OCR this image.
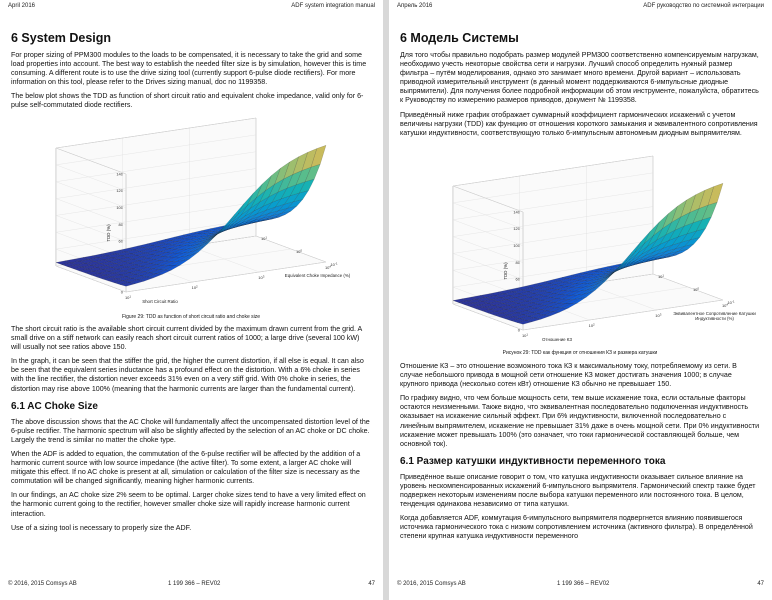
April 2016	ADF system integration manual
6 System Design

For proper sizing of PPM300 modules to the loads to be compensated, it is necessary to take the grid and some load properties into account. The best way to establish the needed filter size is by simulation, however this is time consuming. A different route is to use the drive sizing tool (currently support 6-pulse diode rectifiers). For more information on this tool, please refer to the Drives sizing manual, doc no 1199358.

The below plot shows the TDD as function of short circuit ratio and equivalent choke impedance, valid only for 6-pulse self-commutated diode rectifiers.

0
60
80
100
120
140
$10^1$
$10^2$
$10^3$
$10^4$ $10^{-1}$
$10^0$
$10^1$
TDD (%)
Short Circuit Ratio
Equivalent Choke Impedance (%)
Figure 29: TDD as function of short circuit ratio and choke size

The short circuit ratio is the available short circuit current divided by the maximum drawn current from the grid. A small drive on a stiff network can easily reach short circuit current ratios of 1000; a large drive (several 100 kW) will usually not see ratios above 150.

In the graph, it can be seen that the stiffer the grid, the higher the current distortion, if all else is equal. It can also be seen that the equivalent series inductance has a profound effect on the distortion. With a 6% choke in series with the line rectifier, the distortion never exceeds 31% even on a very stiff grid. With 0% choke in series, the distortion may rise above 100% (meaning that the harmonic currents are larger than the fundamental current).

6.1 AC Choke Size

The above discussion shows that the AC Choke will fundamentally affect the uncompensated distortion level of the 6-pulse rectifier. The harmonic spectrum will also be slightly affected by the selection of an AC choke or DC choke. Largely the trend is similar no matter the choke type.

When the ADF is added to equation, the commutation of the 6-pulse rectifier will be affected by the addition of a harmonic current source with low source impedance (the active filter). To some extent, a larger AC choke will mitigate this effect. If no AC choke is present at all, simulation or calculation of the filter size is necessary as the commutation will be changed significantly, meaning higher harmonic currents.

In our findings, an AC choke size 2% seem to be optimal. Larger choke sizes tend to have a very limited effect on the harmonic current going to the rectifier, however smaller choke size will rapidly increase harmonic current interaction.

Use of a sizing tool is necessary to properly size the ADF.

© 2016, 2015 Comsys AB	1 199 366 – REV02	47
Апрель 2016	ADF руководство по системной интеграции
6 Модель Системы

Для того чтобы правильно подобрать размер модулей PPM300 соответственно компенсируемым нагрузкам, необходимо учесть некоторые свойства сети и нагрузки. Лучший способ определить нужный размер фильтра – путём моделирования, однако это занимает много времени. Другой вариант – использовать приводной измерительный инструмент (в данный момент поддерживаются 6-импульсные диодные выпрямители). Для получения более подробной информации об этом инструменте, пожалуйста, обратитесь к Руководству по измерению размеров приводов, документ № 1199358.

Приведённый ниже график отображает суммарный коэффициент гармонических искажений с учетом величины нагрузки (TDD) как функцию от отношения короткого замыкания и эквивалентного сопротивления катушки индуктивности, соответствующую только 6-импульсным автономным диодным выпрямителям.

0
60
80
100
120
140
$10^1$
$10^2$
$10^3$
$10^4$ $10^{-1}$
$10^0$
$10^1$
TDD (%)
Отношение КЗ
Эквивалентное Сопротивление Катушки Индуктивности (%)
Рисунок 29: TDD как функция от отношения КЗ и размера катушки

Отношение КЗ – это отношение возможного тока КЗ к максимальному току, потребляемому из сети. В случае небольшого привода в мощной сети отношение КЗ может достигать значения 1000; в случае крупного привода (несколько сотен кВт) отношение КЗ обычно не превышает 150.

По графику видно, что чем больше мощность сети, тем выше искажение тока, если остальные факторы остаются неизменными. Также видно, что эквивалентная последовательно подключенная индуктивность оказывает на искажение сильный эффект. При 6% индуктивности, включенной последовательно с линейным выпрямителем, искажение не превышает 31% даже в очень мощной сети. При 0% индуктивности искажение может превышать 100% (это означает, что токи гармонической составляющей больше, чем основной ток).

6.1 Размер катушки индуктивности переменного тока

Приведённое выше описание говорит о том, что катушка индуктивности оказывает сильное влияние на уровень нескомпенсированных искажений 6-импульсного выпрямителя. Гармонический спектр также будет подвержен некоторым изменениям после выбора катушки переменного или постоянного тока. В целом, тенденция одинакова независимо от типа катушки.

Когда добавляется ADF, коммутация 6-импульсного выпрямителя подвергнется влиянию появившегося источника гармонического тока с низким сопротивлением источника (активного фильтра). В определённой степени крупная катушка индуктивности переменного

© 2016, 2015 Comsys AB	1 199 366 – REV02	47
